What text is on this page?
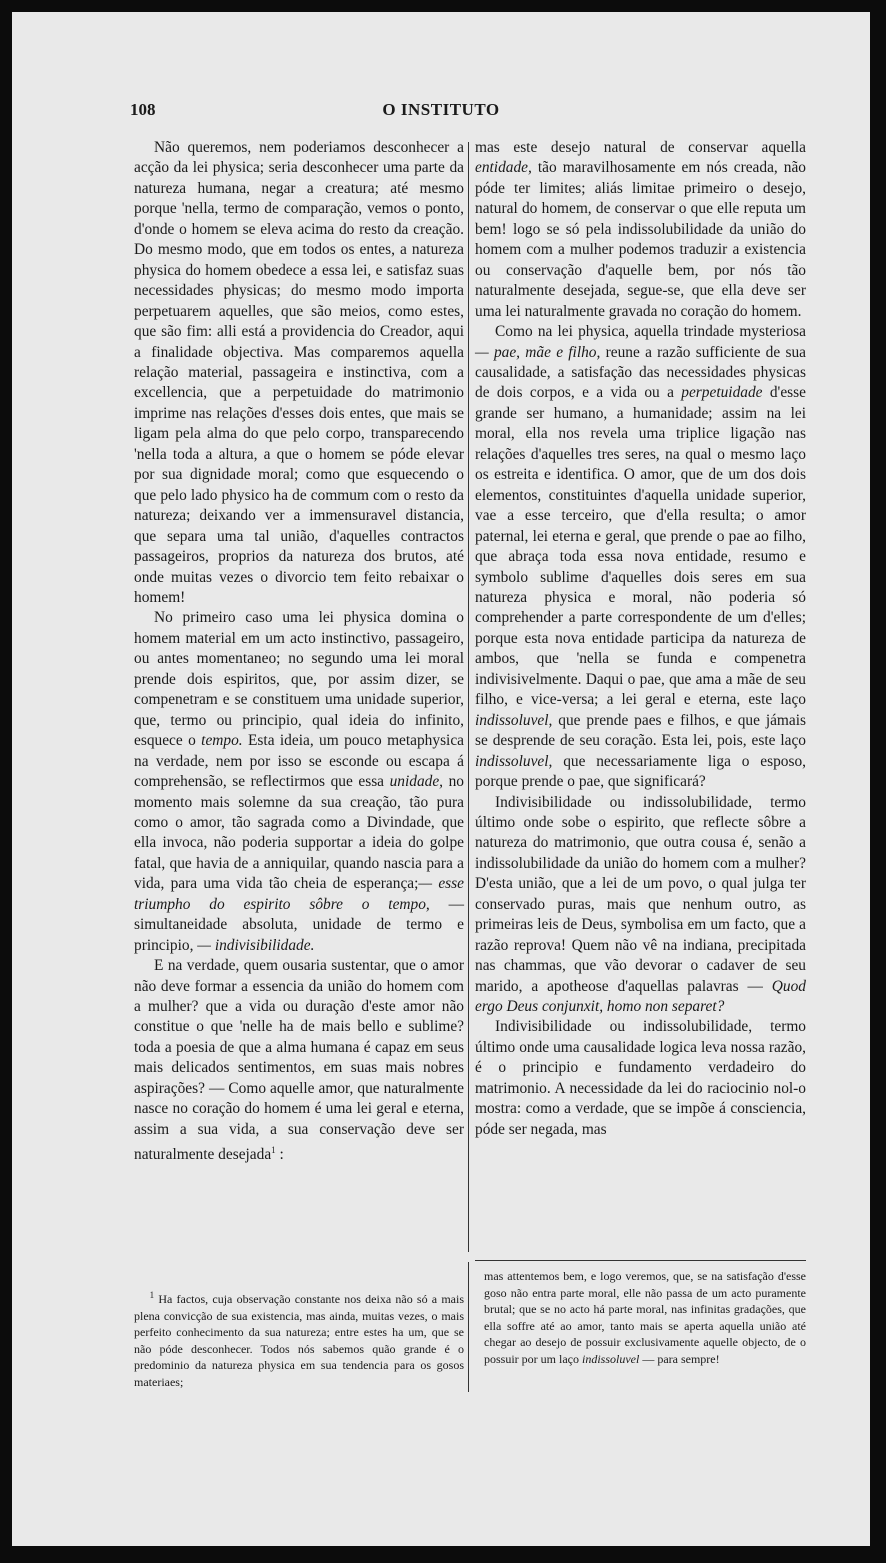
108	O INSTITUTO

Não queremos, nem poderiamos desconhecer a acção da lei physica; seria desconhecer uma parte da natureza humana, negar a creatura; até mesmo porque 'nella, termo de comparação, vemos o ponto, d'onde o homem se eleva acima do resto da creação. Do mesmo modo, que em todos os entes, a natureza physica do homem obedece a essa lei, e satisfaz suas necessidades physicas; do mesmo modo importa perpetuarem aquelles, que são meios, como estes, que são fim: alli está a providencia do Creador, aqui a finalidade objectiva. Mas comparemos aquella relação material, passageira e instinctiva, com a excellencia, que a perpetuidade do matrimonio imprime nas relações d'esses dois entes, que mais se ligam pela alma do que pelo corpo, transparecendo 'nella toda a altura, a que o homem se póde elevar por sua dignidade moral; como que esquecendo o que pelo lado physico ha de commum com o resto da natureza; deixando ver a immensuravel distancia, que separa uma tal união, d'aquelles contractos passageiros, proprios da natureza dos brutos, até onde muitas vezes o divorcio tem feito rebaixar o homem!

No primeiro caso uma lei physica domina o homem material em um acto instinctivo, passageiro, ou antes momentaneo; no segundo uma lei moral prende dois espiritos, que, por assim dizer, se compenetram e se constituem uma unidade superior, que, termo ou principio, qual ideia do infinito, esquece o tempo. Esta ideia, um pouco metaphysica na verdade, nem por isso se esconde ou escapa á comprehensão, se reflectirmos que essa unidade, no momento mais solemne da sua creação, tão pura como o amor, tão sagrada como a Divindade, que ella invoca, não poderia supportar a ideia do golpe fatal, que havia de a anniquilar, quando nascia para a vida, para uma vida tão cheia de esperança;— esse triumpho do espirito sôbre o tempo, — simultaneidade absoluta, unidade de termo e principio, — indivisibilidade.

E na verdade, quem ousaria sustentar, que o amor não deve formar a essencia da união do homem com a mulher? que a vida ou duração d'este amor não constitue o que 'nelle ha de mais bello e sublime? toda a poesia de que a alma humana é capaz em seus mais delicados sentimentos, em suas mais nobres aspirações? — Como aquelle amor, que naturalmente nasce no coração do homem é uma lei geral e eterna, assim a sua vida, a sua conservação deve ser naturalmente desejada$^1$ :

mas este desejo natural de conservar aquella entidade, tão maravilhosamente em nós creada, não póde ter limites; aliás limitae primeiro o desejo, natural do homem, de conservar o que elle reputa um bem! logo se só pela indissolubilidade da união do homem com a mulher podemos traduzir a existencia ou conservação d'aquelle bem, por nós tão naturalmente desejada, segue-se, que ella deve ser uma lei naturalmente gravada no coração do homem.

Como na lei physica, aquella trindade mysteriosa— pae, mãe e filho, reune a razão sufficiente de sua causalidade, a satisfação das necessidades physicas de dois corpos, e a vida ou a perpetuidade d'esse grande ser humano, a humanidade; assim na lei moral, ella nos revela uma triplice ligação nas relações d'aquelles tres seres, na qual o mesmo laço os estreita e identifica. O amor, que de um dos dois elementos, constituintes d'aquella unidade superior, vae a esse terceiro, que d'ella resulta; o amor paternal, lei eterna e geral, que prende o pae ao filho, que abraça toda essa nova entidade, resumo e symbolo sublime d'aquelles dois seres em sua natureza physica e moral, não poderia só comprehender a parte correspondente de um d'elles; porque esta nova entidade participa da natureza de ambos, que 'nella se funda e compenetra indivisivelmente. Daqui o pae, que ama a mãe de seu filho, e vice-versa; a lei geral e eterna, este laço indissoluvel, que prende paes e filhos, e que jámais se desprende de seu coração. Esta lei, pois, este laço indissoluvel, que necessariamente liga o esposo, porque prende o pae, que significará?

Indivisibilidade ou indissolubilidade, termo último onde sobe o espirito, que reflecte sôbre a natureza do matrimonio, que outra cousa é, senão a indissolubilidade da união do homem com a mulher? D'esta união, que a lei de um povo, o qual julga ter conservado puras, mais que nenhum outro, as primeiras leis de Deus, symbolisa em um facto, que a razão reprova! Quem não vê na indiana, precipitada nas chammas, que vão devorar o cadaver de seu marido, a apotheose d'aquellas palavras — Quod ergo Deus conjunxit, homo non separet?

Indivisibilidade ou indissolubilidade, termo último onde uma causalidade logica leva nossa razão, é o principio e fundamento verdadeiro do matrimonio. A necessidade da lei do raciocinio nol-o mostra: como a verdade, que se impõe á consciencia, póde ser negada, mas

$^1$ Ha factos, cuja observação constante nos deixa não só a mais plena convicção de sua existencia, mas ainda, muitas vezes, o mais perfeito conhecimento da sua natureza; entre estes ha um, que se não póde desconhecer. Todos nós sabemos quão grande é o predominio da natureza physica em sua tendencia para os gosos materiaes;

mas attentemos bem, e logo veremos, que, se na satisfação d'esse goso não entra parte moral, elle não passa de um acto puramente brutal; que se no acto há parte moral, nas infinitas gradações, que ella soffre até ao amor, tanto mais se aperta aquella união até chegar ao desejo de possuir exclusivamente aquelle objecto, de o possuir por um laço indissoluvel — para sempre!
